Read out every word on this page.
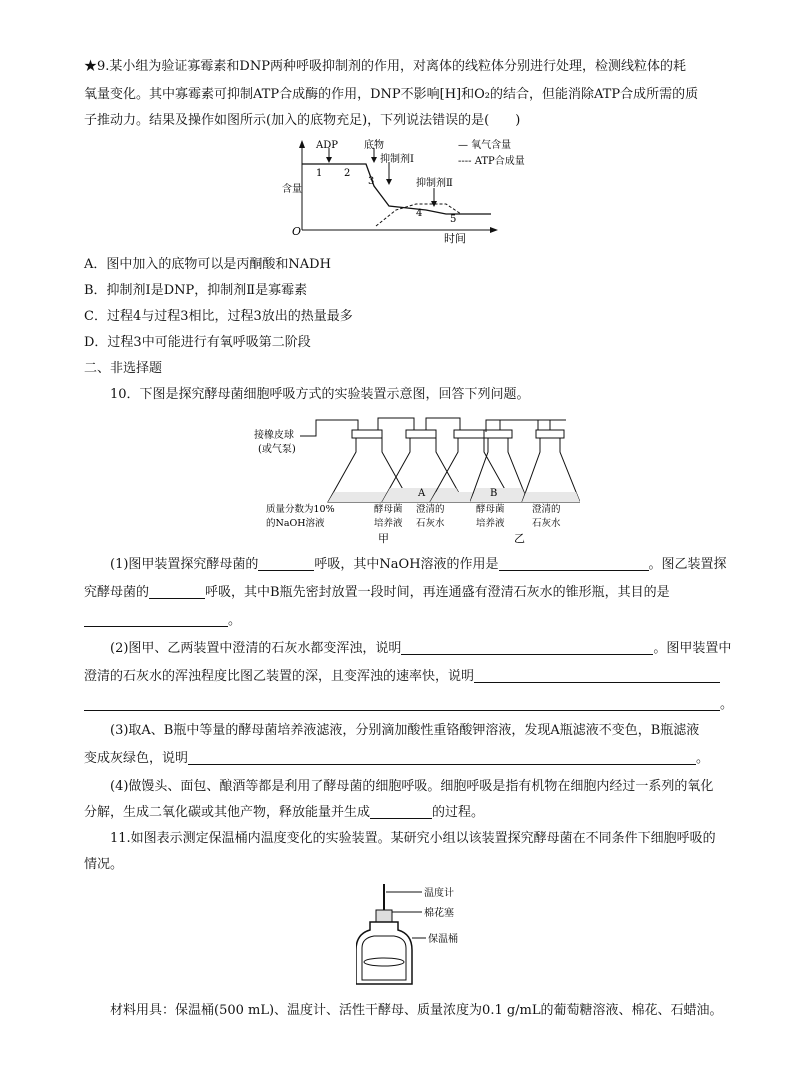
★9.某小组为验证寡霉素和DNP两种呼吸抑制剂的作用，对离体的线粒体分别进行处理，检测线粒体的耗

氧量变化。其中寡霉素可抑制ATP合成酶的作用，DNP不影响[H]和O₂的结合，但能消除ATP合成所需的质

子推动力。结果及操作如图所示(加入的底物充足)，下列说法错误的是(　　)

O
含量
时间
ADP	底物
抑制剂Ⅰ
抑制剂Ⅱ
1 2
3
4
5
— 氧气含量
---- ATP合成量
A．图中加入的底物可以是丙酮酸和NADH
B．抑制剂Ⅰ是DNP，抑制剂Ⅱ是寡霉素
C．过程4与过程3相比，过程3放出的热量最多
D．过程3中可能进行有氧呼吸第二阶段
二、非选择题

10．下图是探究酵母菌细胞呼吸方式的实验装置示意图，回答下列问题。

接橡皮球
(或气泵)
A
质量分数为10%
的NaOH溶液
酵母菌
培养液
澄清的
石灰水
甲
B
酵母菌
培养液
澄清的
石灰水
乙

(1)图甲装置探究酵母菌的	呼吸，其中NaOH溶液的作用是	。图乙装置探

究酵母菌的	呼吸，其中B瓶先密封放置一段时间，再连通盛有澄清石灰水的锥形瓶，其目的是

。

(2)图甲、乙两装置中澄清的石灰水都变浑浊，说明	。图甲装置中

澄清的石灰水的浑浊程度比图乙装置的深，且变浑浊的速率快，说明

。

(3)取A、B瓶中等量的酵母菌培养液滤液，分别滴加酸性重铬酸钾溶液，发现A瓶滤液不变色，B瓶滤液

变成灰绿色，说明	。

(4)做馒头、面包、酿酒等都是利用了酵母菌的细胞呼吸。细胞呼吸是指有机物在细胞内经过一系列的氧化

分解，生成二氧化碳或其他产物，释放能量并生成	的过程。

11.如图表示测定保温桶内温度变化的实验装置。某研究小组以该装置探究酵母菌在不同条件下细胞呼吸的

情况。

温度计
棉花塞
保温桶

材料用具：保温桶(500 mL)、温度计、活性干酵母、质量浓度为0.1 g/mL的葡萄糖溶液、棉花、石蜡油。
